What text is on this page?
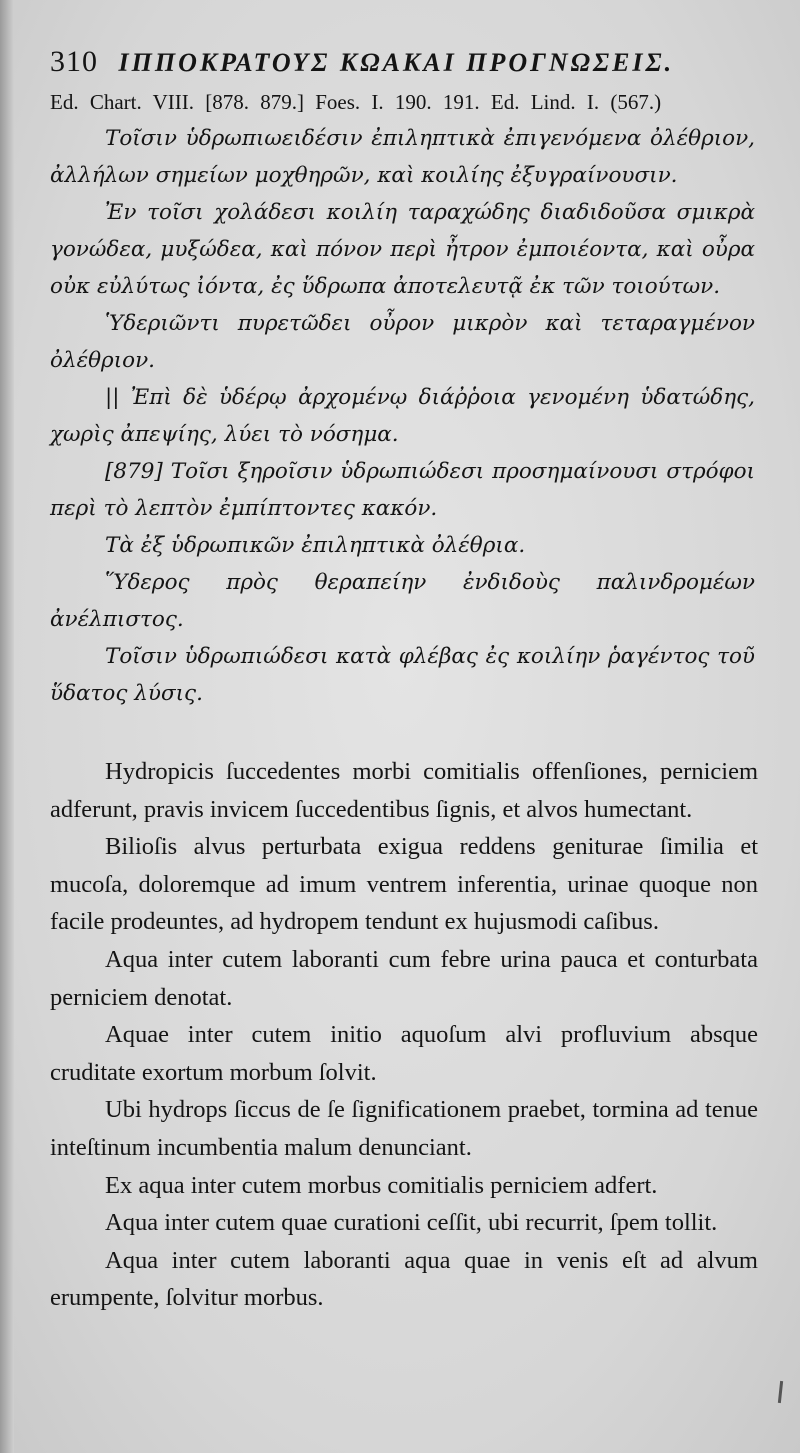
310 ΙΠΠΟΚΡΑΤΟΥΣ ΚΩΑΚΑΙ ΠΡΟΓΝΩΣΕΙΣ.
Ed. Chart. VIII. [878. 879.] Foes. I. 190. 191. Ed. Lind. I. (567.)

Τοῖσιν ὑδρωπιωειδέσιν ἐπιληπτικὰ ἐπιγενόμενα ὀλέθριον, ἀλλήλων σημείων μοχθηρῶν, καὶ κοιλίης ἐξυγραίνουσιν.

Ἐν τοῖσι χολάδεσι κοιλίη ταραχώδης διαδιδοῦσα σμικρὰ γονώδεα, μυξώδεα, καὶ πόνον περὶ ἦτρον ἐμποιέοντα, καὶ οὖρα οὐκ εὐλύτως ἰόντα, ἐς ὕδρωπα ἀποτελευτᾷ ἐκ τῶν τοιούτων.

Ὑδεριῶντι πυρετῶδει οὖρον μικρὸν καὶ τεταραγμένον ὀλέθριον.

|| Ἐπὶ δὲ ὑδέρῳ ἀρχομένῳ διάῤῥοια γενομένη ὑδατώδης, χωρὶς ἀπεψίης, λύει τὸ νόσημα.

[879] Τοῖσι ξηροῖσιν ὑδρωπιώδεσι προσημαίνουσι στρόφοι περὶ τὸ λεπτὸν ἐμπίπτοντες κακόν.

Τὰ ἐξ ὑδρωπικῶν ἐπιληπτικὰ ὀλέθρια.

Ὕδερος πρὸς θεραπείην ἐνδιδοὺς παλινδρομέων ἀνέλπιστος.

Τοῖσιν ὑδρωπιώδεσι κατὰ φλέβας ἐς κοιλίην ῥαγέντος τοῦ ὕδατος λύσις.

Hydropicis ſuccedentes morbi comitialis offenſiones, perniciem adferunt, pravis invicem ſuccedentibus ſignis, et alvos humectant.

Bilioſis alvus perturbata exigua reddens geniturae ſimilia et mucoſa, doloremque ad imum ventrem inferentia, urinae quoque non facile prodeuntes, ad hydropem tendunt ex hujusmodi caſibus.

Aqua inter cutem laboranti cum febre urina pauca et conturbata perniciem denotat.

Aquae inter cutem initio aquoſum alvi profluvium absque cruditate exortum morbum ſolvit.

Ubi hydrops ſiccus de ſe ſignificationem praebet, tormina ad tenue inteſtinum incumbentia malum denunciant.

Ex aqua inter cutem morbus comitialis perniciem adfert.

Aqua inter cutem quae curationi ceſſit, ubi recurrit, ſpem tollit.

Aqua inter cutem laboranti aqua quae in venis eſt ad alvum erumpente, ſolvitur morbus.
